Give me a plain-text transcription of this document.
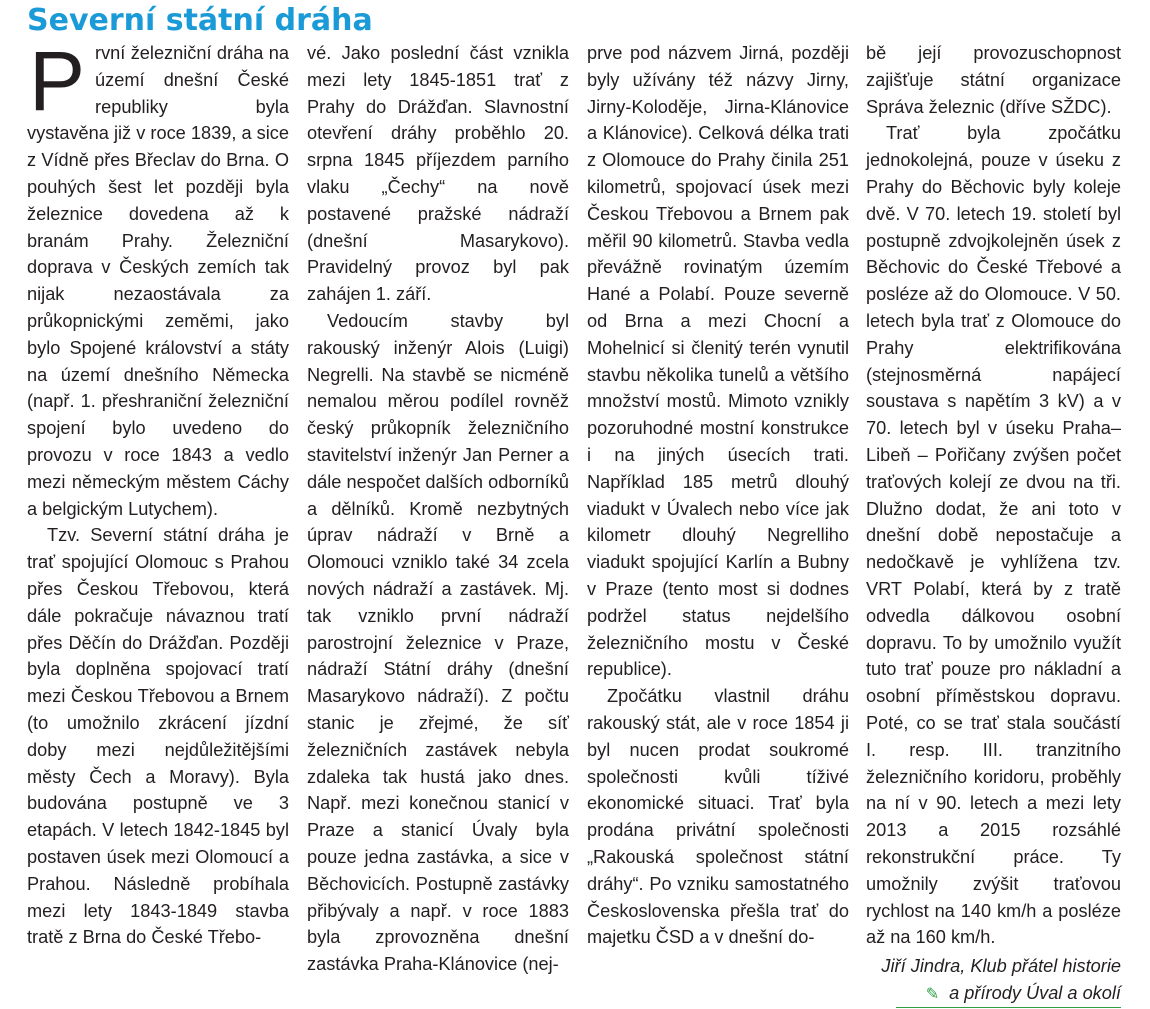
Severní státní dráha

První železniční dráha na území dnešní České republiky byla vystavěna již v roce 1839, a sice z Vídně přes Břeclav do Brna. O pouhých šest let později byla železnice dovedena až k branám Prahy. Železniční doprava v Českých zemích tak nijak nezaostávala za průkopnickými zeměmi, jako bylo Spojené království a státy na území dnešního Německa (např. 1. přeshraniční železniční spojení bylo uvedeno do provozu v roce 1843 a vedlo mezi německým městem Cáchy a belgickým Lutychem).

Tzv. Severní státní dráha je trať spojující Olomouc s Prahou přes Českou Třebovou, která dále pokračuje návaznou tratí přes Děčín do Drážďan. Později byla doplněna spojovací tratí mezi Českou Třebovou a Brnem (to umožnilo zkrácení jízdní doby mezi nejdůležitějšími městy Čech a Moravy). Byla budována postupně ve 3 etapách. V letech 1842-1845 byl postaven úsek mezi Olomoucí a Prahou. Následně probíhala mezi lety 1843-1849 stavba tratě z Brna do České Třebo-

vé. Jako poslední část vznikla mezi lety 1845-1851 trať z Prahy do Drážďan. Slavnostní otevření dráhy proběhlo 20. srpna 1845 příjezdem parního vlaku „Čechy“ na nově postavené pražské nádraží (dnešní Masarykovo). Pravidelný provoz byl pak zahájen 1. září.

Vedoucím stavby byl rakouský inženýr Alois (Luigi) Negrelli. Na stavbě se nicméně nemalou měrou podílel rovněž český průkopník železničního stavitelství inženýr Jan Perner a dále nespočet dalších odborníků a dělníků. Kromě nezbytných úprav nádraží v Brně a Olomouci vzniklo také 34 zcela nových nádraží a zastávek. Mj. tak vzniklo první nádraží parostrojní železnice v Praze, nádraží Státní dráhy (dnešní Masarykovo nádraží). Z počtu stanic je zřejmé, že síť železničních zastávek nebyla zdaleka tak hustá jako dnes. Např. mezi konečnou stanicí v Praze a stanicí Úvaly byla pouze jedna zastávka, a sice v Běchovicích. Postupně zastávky přibývaly a např. v roce 1883 byla zprovozněna dnešní zastávka Praha-Klánovice (nej-

prve pod názvem Jirná, později byly užívány též názvy Jirny, Jirny-Koloděje, Jirna-Klánovice a Klánovice). Celková délka trati z Olomouce do Prahy činila 251 kilometrů, spojovací úsek mezi Českou Třebovou a Brnem pak měřil 90 kilometrů. Stavba vedla převážně rovinatým územím Hané a Polabí. Pouze severně od Brna a mezi Chocní a Mohelnicí si členitý terén vynutil stavbu několika tunelů a většího množství mostů. Mimoto vznikly pozoruhodné mostní konstrukce i na jiných úsecích trati. Například 185 metrů dlouhý viadukt v Úvalech nebo více jak kilometr dlouhý Negrelliho viadukt spojující Karlín a Bubny v Praze (tento most si dodnes podržel status nejdelšího železničního mostu v České republice).

Zpočátku vlastnil dráhu rakouský stát, ale v roce 1854 ji byl nucen prodat soukromé společnosti kvůli tíživé ekonomické situaci. Trať byla prodána privátní společnosti „Rakouská společnost státní dráhy“. Po vzniku samostatného Československa přešla trať do majetku ČSD a v dnešní do-

bě její provozuschopnost zajišťuje státní organizace Správa železnic (dříve SŽDC).

Trať byla zpočátku jednokolejná, pouze v úseku z Prahy do Běchovic byly koleje dvě. V 70. letech 19. století byl postupně zdvojkolejněn úsek z Běchovic do České Třebové a posléze až do Olomouce. V 50. letech byla trať z Olomouce do Prahy elektrifikována (stejnosměrná napájecí soustava s napětím 3 kV) a v 70. letech byl v úseku Praha–Libeň – Pořičany zvýšen počet traťových kolejí ze dvou na tři. Dlužno dodat, že ani toto v dnešní době nepostačuje a nedočkavě je vyhlížena tzv. VRT Polabí, která by z tratě odvedla dálkovou osobní dopravu. To by umožnilo využít tuto trať pouze pro nákladní a osobní příměstskou dopravu. Poté, co se trať stala součástí I. resp. III. tranzitního železničního koridoru, proběhly na ní v 90. letech a mezi lety 2013 a 2015 rozsáhlé rekonstrukční práce. Ty umožnily zvýšit traťovou rychlost na 140 km/h a posléze až na 160 km/h.

Jiří Jindra, Klub přátel historie
✎ a přírody Úval a okolí
